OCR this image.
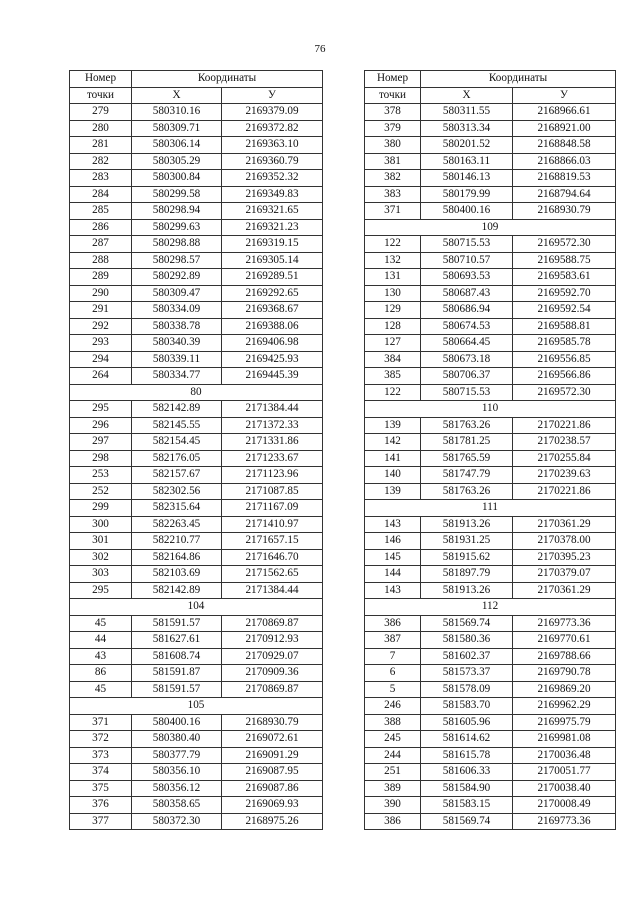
76
Номер	Координаты	
точки	X	У
279	580310.16	2169379.09
280	580309.71	2169372.82
281	580306.14	2169363.10
282	580305.29	2169360.79
283	580300.84	2169352.32
284	580299.58	2169349.83
285	580298.94	2169321.65
286	580299.63	2169321.23
287	580298.88	2169319.15
288	580298.57	2169305.14
289	580292.89	2169289.51
290	580309.47	2169292.65
291	580334.09	2169368.67
292	580338.78	2169388.06
293	580340.39	2169406.98
294	580339.11	2169425.93
264	580334.77	2169445.39
80		
295	582142.89	2171384.44
296	582145.55	2171372.33
297	582154.45	2171331.86
298	582176.05	2171233.67
253	582157.67	2171123.96
252	582302.56	2171087.85
299	582315.64	2171167.09
300	582263.45	2171410.97
301	582210.77	2171657.15
302	582164.86	2171646.70
303	582103.69	2171562.65
295	582142.89	2171384.44
104		
45	581591.57	2170869.87
44	581627.61	2170912.93
43	581608.74	2170929.07
86	581591.87	2170909.36
45	581591.57	2170869.87
105		
371	580400.16	2168930.79
372	580380.40	2169072.61
373	580377.79	2169091.29
374	580356.10	2169087.95
375	580356.12	2169087.86
376	580358.65	2169069.93
377	580372.30	2168975.26
Номер	Координаты	
точки	X	У
378	580311.55	2168966.61
379	580313.34	2168921.00
380	580201.52	2168848.58
381	580163.11	2168866.03
382	580146.13	2168819.53
383	580179.99	2168794.64
371	580400.16	2168930.79
109		
122	580715.53	2169572.30
132	580710.57	2169588.75
131	580693.53	2169583.61
130	580687.43	2169592.70
129	580686.94	2169592.54
128	580674.53	2169588.81
127	580664.45	2169585.78
384	580673.18	2169556.85
385	580706.37	2169566.86
122	580715.53	2169572.30
110		
139	581763.26	2170221.86
142	581781.25	2170238.57
141	581765.59	2170255.84
140	581747.79	2170239.63
139	581763.26	2170221.86
111		
143	581913.26	2170361.29
146	581931.25	2170378.00
145	581915.62	2170395.23
144	581897.79	2170379.07
143	581913.26	2170361.29
112		
386	581569.74	2169773.36
387	581580.36	2169770.61
7	581602.37	2169788.66
6	581573.37	2169790.78
5	581578.09	2169869.20
246	581583.70	2169962.29
388	581605.96	2169975.79
245	581614.62	2169981.08
244	581615.78	2170036.48
251	581606.33	2170051.77
389	581584.90	2170038.40
390	581583.15	2170008.49
386	581569.74	2169773.36
